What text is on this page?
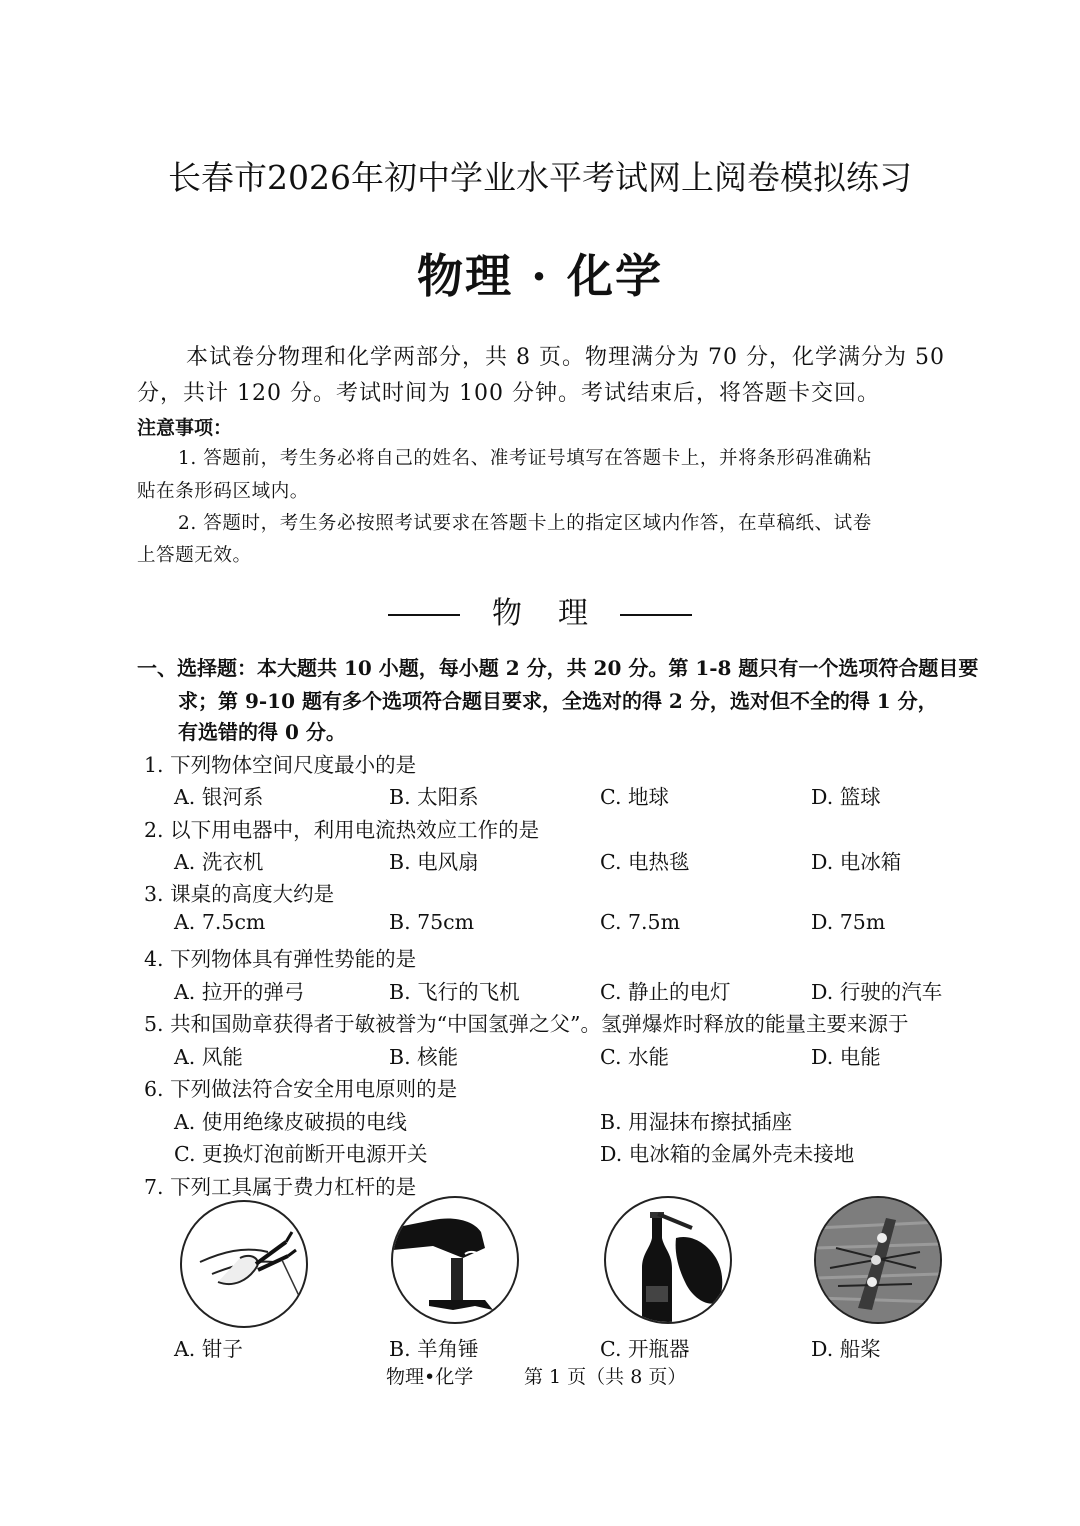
长春市2026年初中学业水平考试网上阅卷模拟练习
物理 · 化学
本试卷分物理和化学两部分，共 8 页。物理满分为 70 分，化学满分为 50
分，共计 120 分。考试时间为 100 分钟。考试结束后，将答题卡交回。
注意事项：
1. 答题前，考生务必将自己的姓名、准考证号填写在答题卡上，并将条形码准确粘
贴在条形码区域内。
2. 答题时，考生务必按照考试要求在答题卡上的指定区域内作答，在草稿纸、试卷
上答题无效。
物 理
一、选择题：本大题共 10 小题，每小题 2 分，共 20 分。第 1-8 题只有一个选项符合题目要
求；第 9-10 题有多个选项符合题目要求，全选对的得 2 分，选对但不全的得 1 分，
有选错的得 0 分。
1. 下列物体空间尺度最小的是
A. 银河系	B. 太阳系	C. 地球	D. 篮球
2. 以下用电器中，利用电流热效应工作的是
A. 洗衣机	B. 电风扇	C. 电热毯	D. 电冰箱
3. 课桌的高度大约是
A. 7.5cm	B. 75cm	C. 7.5m	D. 75m
4. 下列物体具有弹性势能的是
A. 拉开的弹弓	B. 飞行的飞机	C. 静止的电灯	D. 行驶的汽车
5. 共和国勋章获得者于敏被誉为“中国氢弹之父”。氢弹爆炸时释放的能量主要来源于
A. 风能	B. 核能	C. 水能	D. 电能
6. 下列做法符合安全用电原则的是
A. 使用绝缘皮破损的电线	B. 用湿抹布擦拭插座
C. 更换灯泡前断开电源开关	D. 电冰箱的金属外壳未接地
7. 下列工具属于费力杠杆的是
A. 钳子	B. 羊角锤	C. 开瓶器	D. 船桨
物理•化学	第 1 页（共 8 页）
